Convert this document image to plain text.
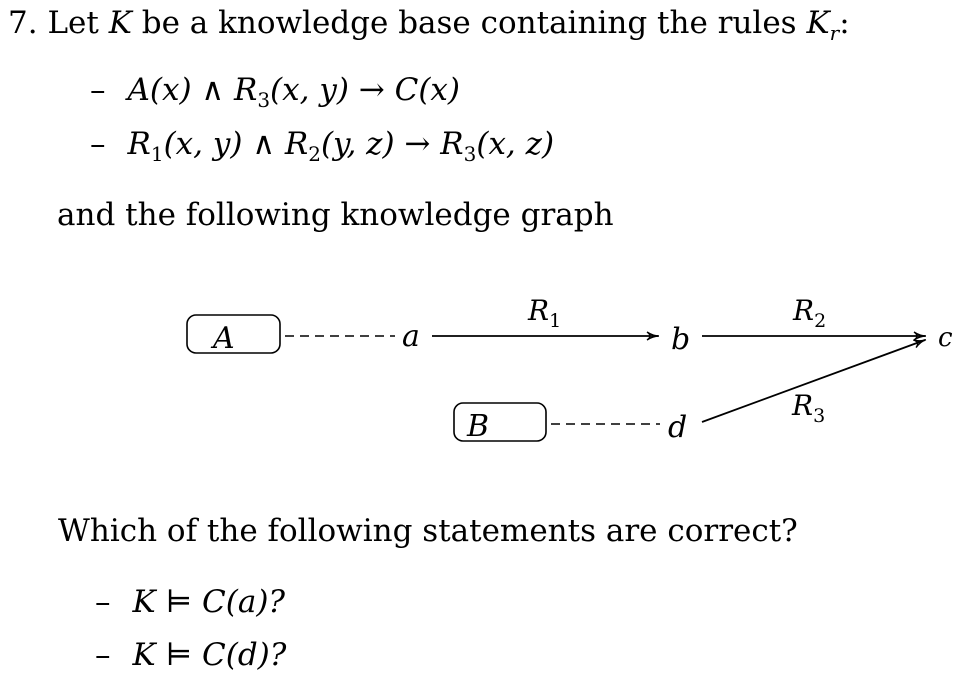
7. Let K be a knowledge base containing the rules $K_r$:
– A(x) ∧ $R_3(x$, y) → C(x)
– $R_1(x$, y) ∧ $R_2(y$, $z) \to R_3(x$, z)
and the following knowledge graph
A	a
$R_1$
b
$R_2$
c
$R_3$
B	d
Which of the following statements are correct?
– K ⊨ C(a)?
– K ⊨ C(d)?
